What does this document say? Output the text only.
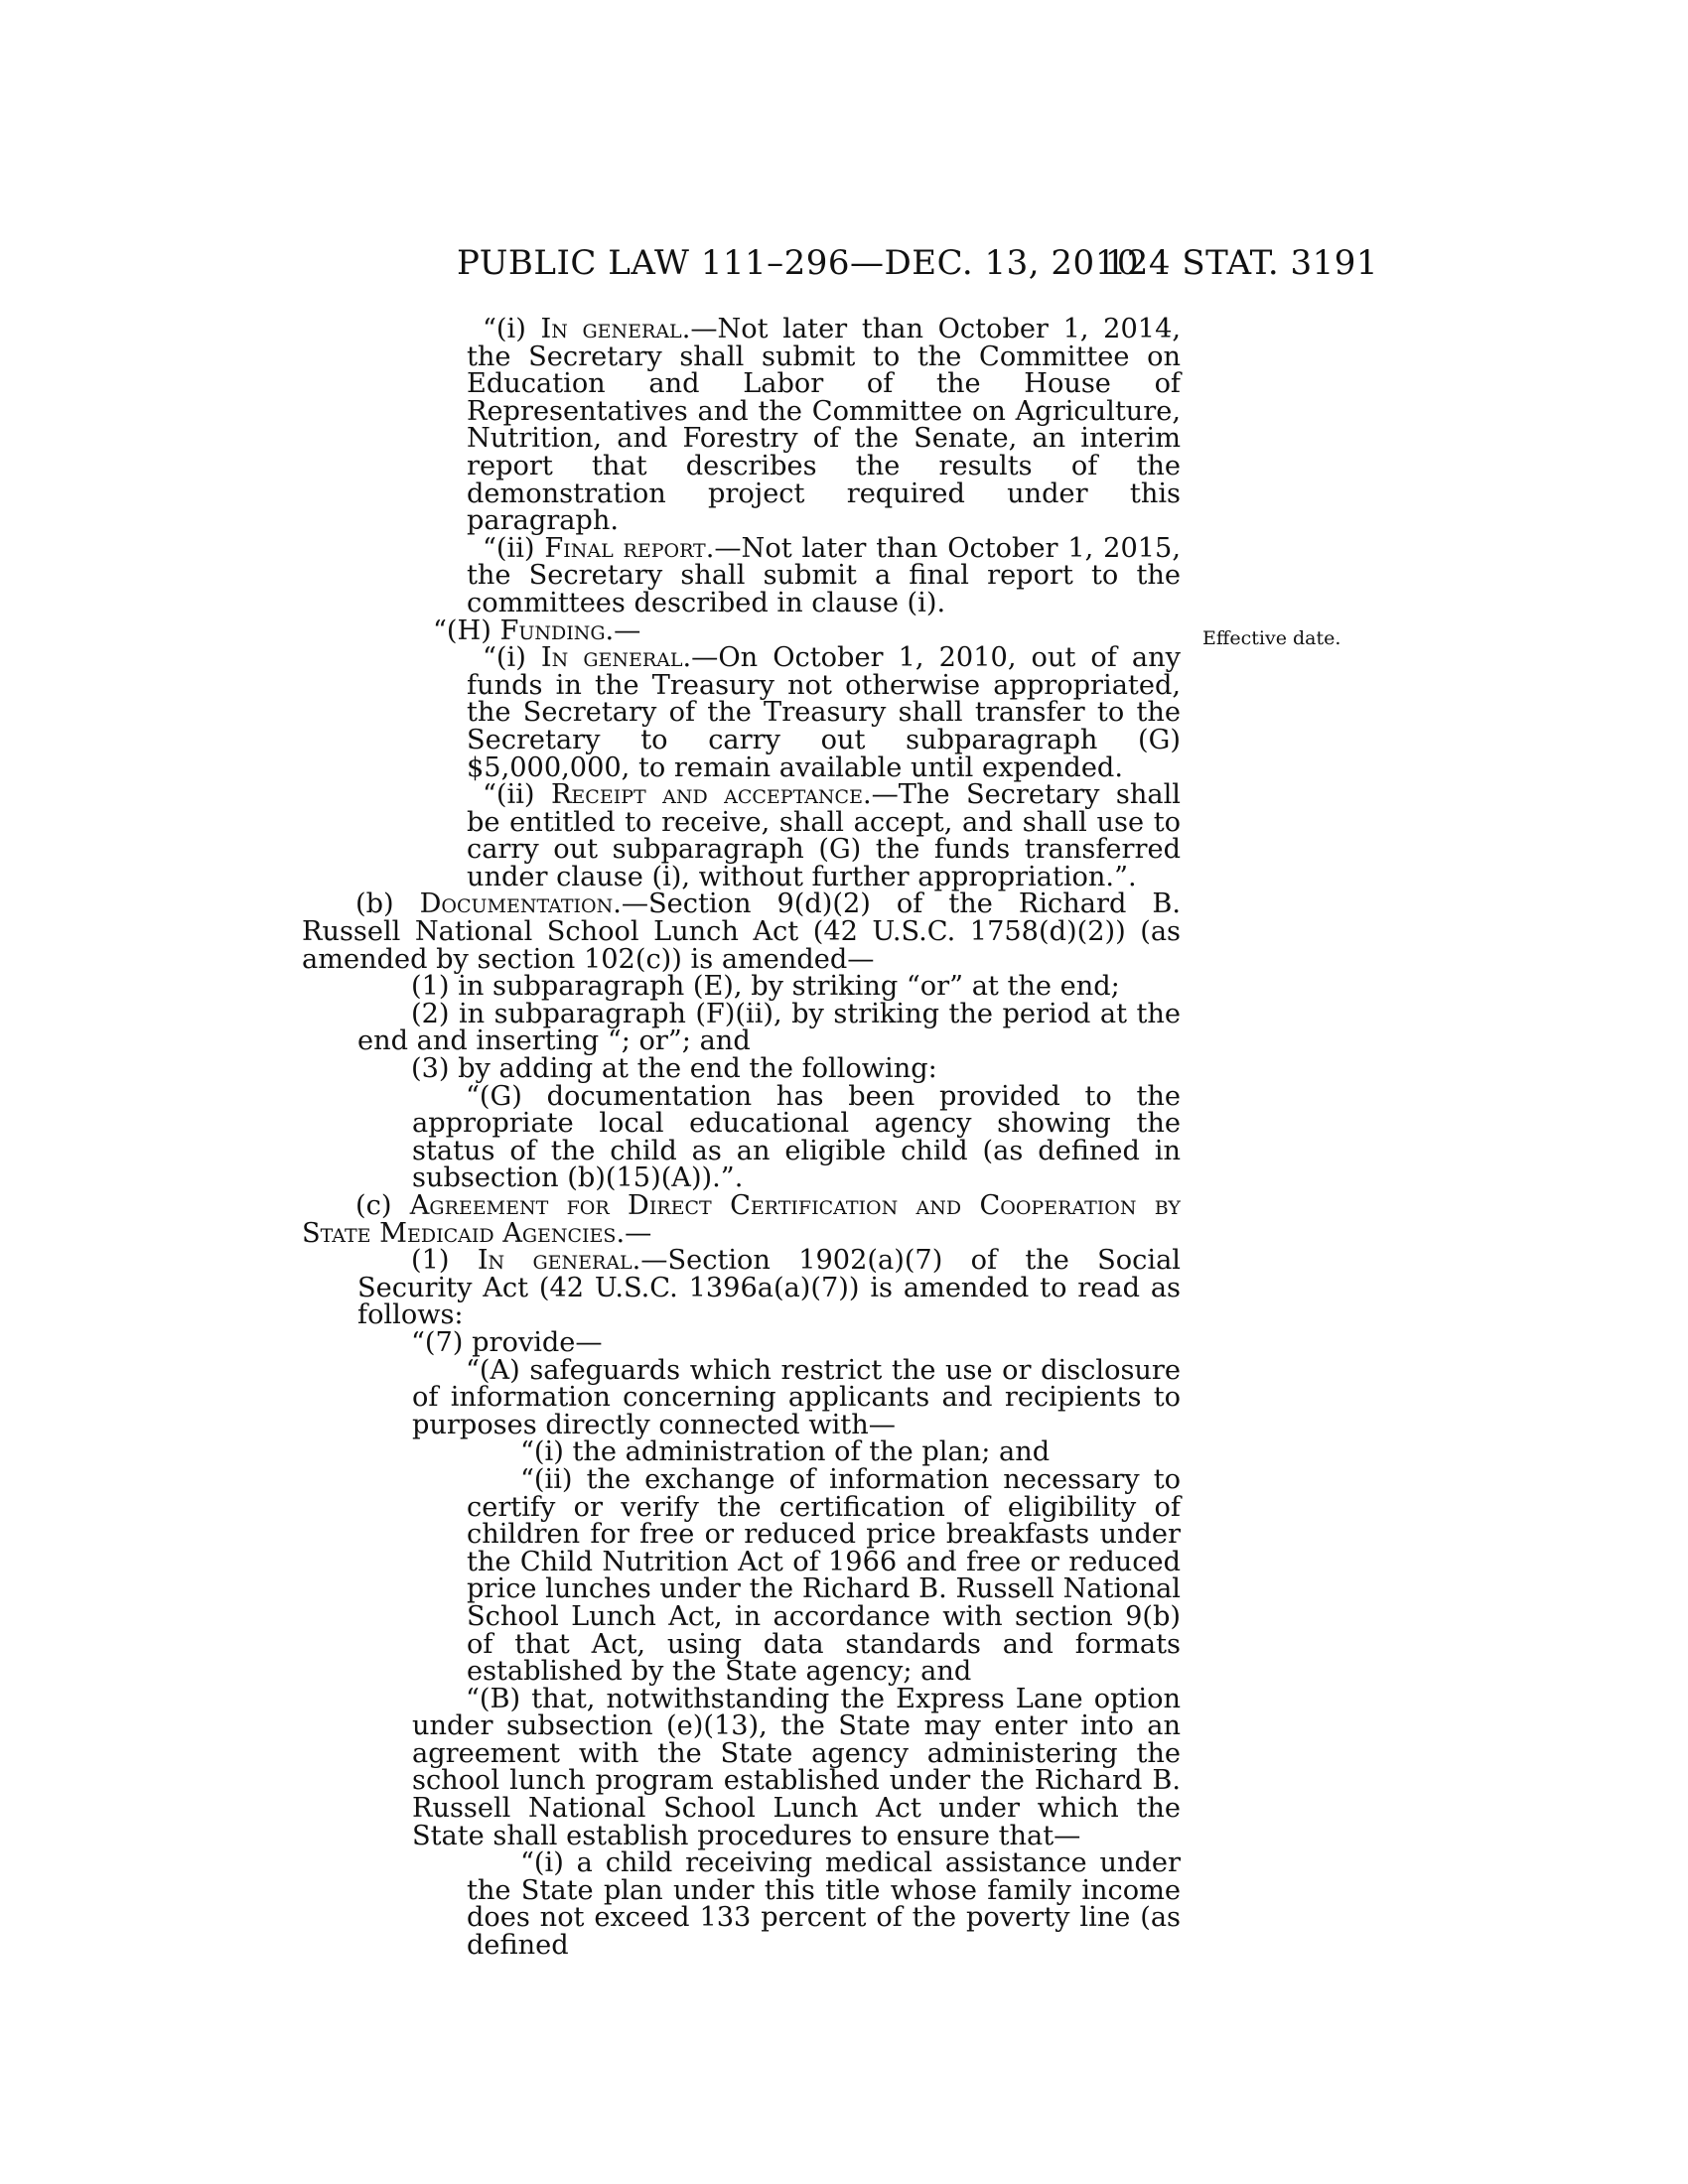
PUBLIC LAW 111–296—DEC. 13, 2010
124 STAT. 3191
Effective date.

“(i) In general.—Not later than October 1, 2014, the Secretary shall submit to the Committee on Education and Labor of the House of Representatives and the Committee on Agriculture, Nutrition, and Forestry of the Senate, an interim report that describes the results of the demonstration project required under this paragraph.

“(ii) Final report.—Not later than October 1, 2015, the Secretary shall submit a final report to the committees described in clause (i).

“(H) Funding.—

“(i) In general.—On October 1, 2010, out of any funds in the Treasury not otherwise appropriated, the Secretary of the Treasury shall transfer to the Secretary to carry out subparagraph (G) $5,000,000, to remain available until expended.

“(ii) Receipt and acceptance.—The Secretary shall be entitled to receive, shall accept, and shall use to carry out subparagraph (G) the funds transferred under clause (i), without further appropriation.”.

(b) Documentation.—Section 9(d)(2) of the Richard B. Russell National School Lunch Act (42 U.S.C. 1758(d)(2)) (as amended by section 102(c)) is amended—

(1) in subparagraph (E), by striking “or” at the end;

(2) in subparagraph (F)(ii), by striking the period at the end and inserting “; or”; and

(3) by adding at the end the following:

“(G) documentation has been provided to the appropriate local educational agency showing the status of the child as an eligible child (as defined in subsection (b)(15)(A)).”.

(c) Agreement for Direct Certification and Cooperation by State Medicaid Agencies.—

(1) In general.—Section 1902(a)(7) of the Social Security Act (42 U.S.C. 1396a(a)(7)) is amended to read as follows:

“(7) provide—

“(A) safeguards which restrict the use or disclosure of information concerning applicants and recipients to purposes directly connected with—

“(i) the administration of the plan; and

“(ii) the exchange of information necessary to certify or verify the certification of eligibility of children for free or reduced price breakfasts under the Child Nutrition Act of 1966 and free or reduced price lunches under the Richard B. Russell National School Lunch Act, in accordance with section 9(b) of that Act, using data standards and formats established by the State agency; and

“(B) that, notwithstanding the Express Lane option under subsection (e)(13), the State may enter into an agreement with the State agency administering the school lunch program established under the Richard B. Russell National School Lunch Act under which the State shall establish procedures to ensure that—

“(i) a child receiving medical assistance under the State plan under this title whose family income does not exceed 133 percent of the poverty line (as defined
